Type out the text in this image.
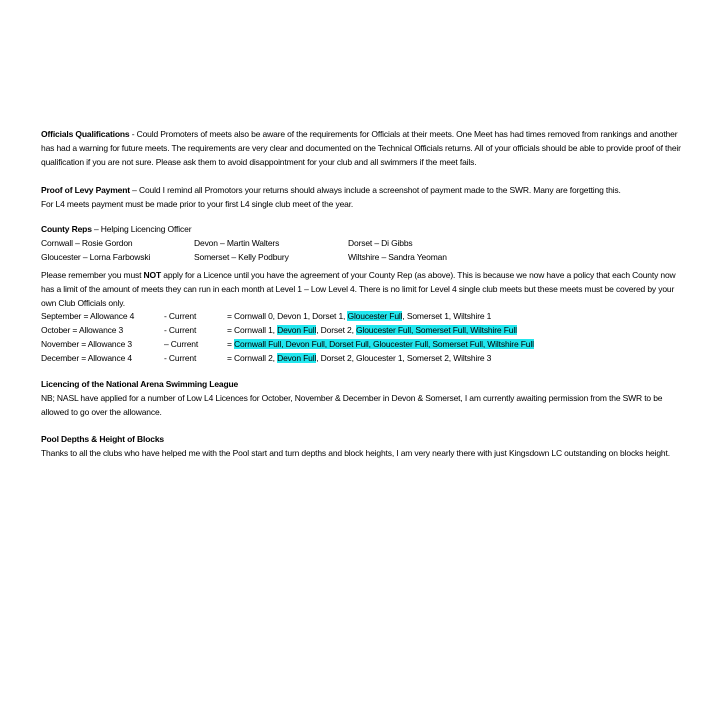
Officials Qualifications - Could Promoters of meets also be aware of the requirements for Officials at their meets. One Meet has had times removed from rankings and another has had a warning for future meets. The requirements are very clear and documented on the Technical Officials returns. All of your officials should be able to provide proof of their qualification if you are not sure. Please ask them to avoid disappointment for your club and all swimmers if the meet fails.
Proof of Levy Payment – Could I remind all Promotors your returns should always include a screenshot of payment made to the SWR. Many are forgetting this.
For L4 meets payment must be made prior to your first L4 single club meet of the year.
County Reps – Helping Licencing Officer
Cornwall – Rosie Gordon	Devon – Martin Walters	Dorset – Di Gibbs
Gloucester – Lorna Farbowski	Somerset – Kelly Podbury	Wiltshire – Sandra Yeoman
Please remember you must NOT apply for a Licence until you have the agreement of your County Rep (as above). This is because we now have a policy that each County now has a limit of the amount of meets they can run in each month at Level 1 – Low Level 4. There is no limit for Level 4 single club meets but these meets must be covered by your own Club Officials only.
September = Allowance 4	- Current	= Cornwall 0, Devon 1, Dorset 1, Gloucester Full, Somerset 1, Wiltshire 1
October = Allowance 3	- Current	= Cornwall 1, Devon Full, Dorset 2, Gloucester Full, Somerset Full, Wiltshire Full
November = Allowance 3	– Current	= Cornwall Full, Devon Full, Dorset Full, Gloucester Full, Somerset Full, Wiltshire Full
December = Allowance 4	- Current	= Cornwall 2, Devon Full, Dorset 2, Gloucester 1, Somerset 2, Wiltshire 3
Licencing of the National Arena Swimming League
NB; NASL have applied for a number of Low L4 Licences for October, November & December in Devon & Somerset, I am currently awaiting permission from the SWR to be allowed to go over the allowance.
Pool Depths & Height of Blocks
Thanks to all the clubs who have helped me with the Pool start and turn depths and block heights, I am very nearly there with just Kingsdown LC outstanding on blocks height.
